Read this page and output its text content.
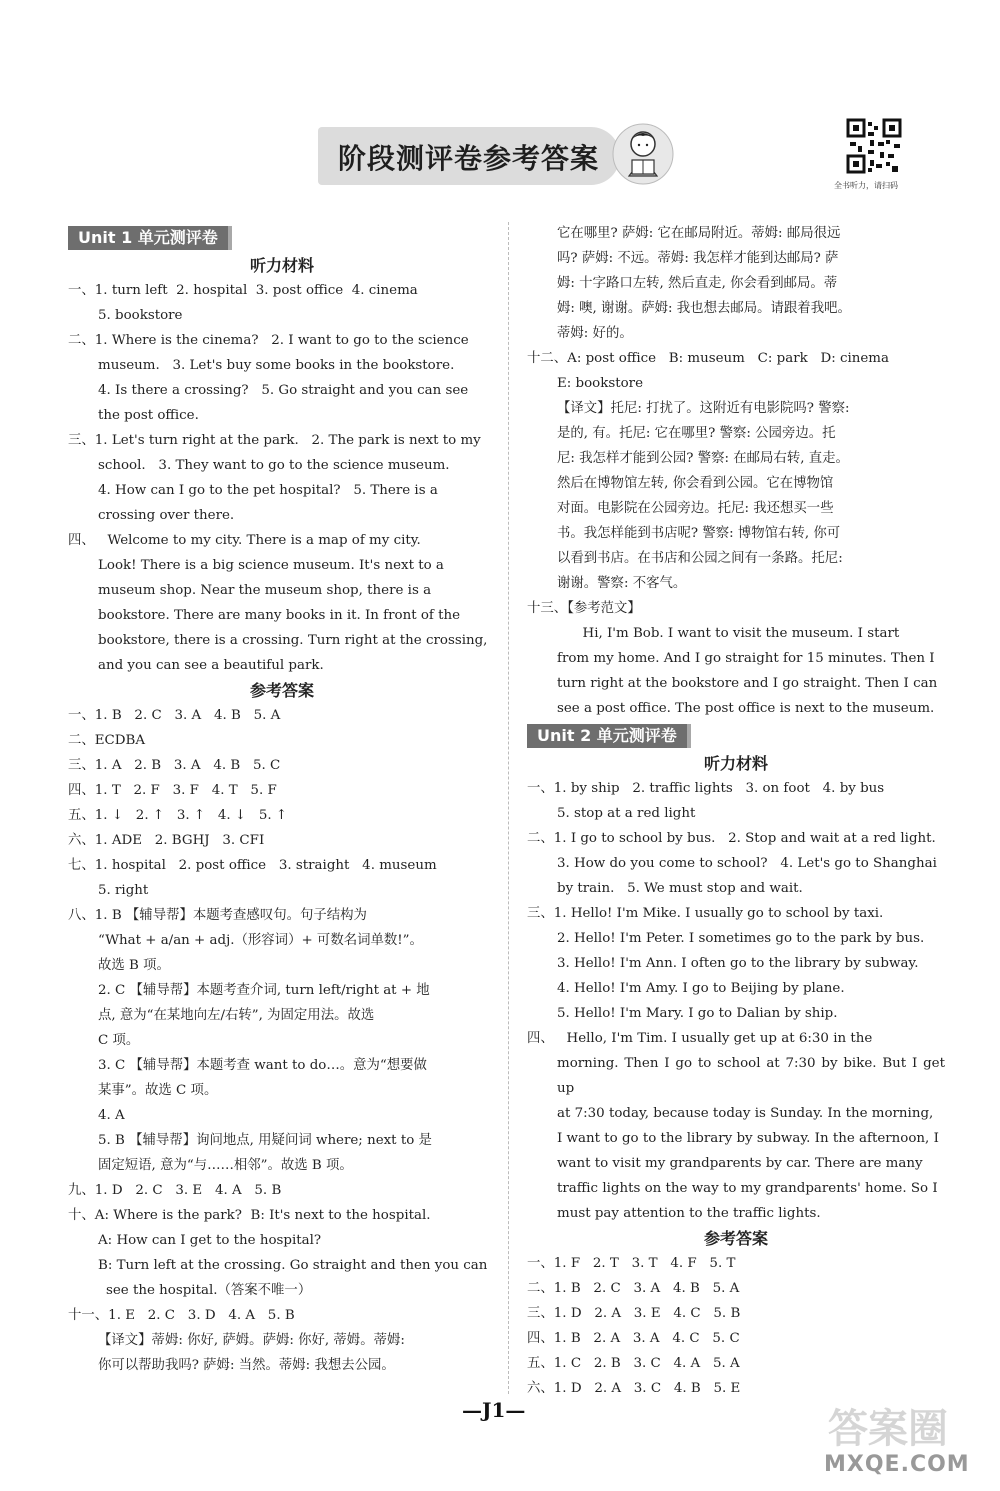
阶段测评卷参考答案
全书听力，请扫码
Unit 1 单元测评卷
听力材料

一、1. turn left  2. hospital  3. post office  4. cinema

5. bookstore

二、1. Where is the cinema?   2. I want to go to the science

museum.   3. Let's buy some books in the bookstore.

4. Is there a crossing?   5. Go straight and you can see

the post office.

三、1. Let's turn right at the park.   2. The park is next to my

school.   3. They want to go to the science museum.

4. How can I go to the pet hospital?   5. There is a

crossing over there.

四、   Welcome to my city. There is a map of my city.

Look! There is a big science museum. It's next to a

museum shop. Near the museum shop, there is a

bookstore. There are many books in it. In front of the

bookstore, there is a crossing. Turn right at the crossing,

and you can see a beautiful park.

参考答案

一、1. B   2. C   3. A   4. B   5. A

二、ECDBA

三、1. A   2. B   3. A   4. B   5. C

四、1. T   2. F   3. F   4. T   5. F

五、1. ↓   2. ↑   3. ↑   4. ↓   5. ↑

六、1. ADE   2. BGHJ   3. CFI

七、1. hospital   2. post office   3. straight   4. museum

5. right

八、1. B 【辅导帮】本题考查感叹句。句子结构为

“What + a/an + adj.（形容词）+ 可数名词单数!”。

故选 B 项。

2. C 【辅导帮】本题考查介词, turn left/right at + 地

点, 意为“在某地向左/右转”, 为固定用法。故选

C 项。

3. C 【辅导帮】本题考查 want to do…。意为“想要做

某事”。故选 C 项。

4. A

5. B 【辅导帮】询问地点, 用疑问词 where; next to 是

固定短语, 意为“与……相邻”。故选 B 项。

九、1. D   2. C   3. E   4. A   5. B

十、A: Where is the park?  B: It's next to the hospital.

A: How can I get to the hospital?

B: Turn left at the crossing. Go straight and then you can

see the hospital.（答案不唯一）

十一、1. E   2. C   3. D   4. A   5. B

【译文】蒂姆: 你好, 萨姆。萨姆: 你好, 蒂姆。蒂姆:

你可以帮助我吗? 萨姆: 当然。蒂姆: 我想去公园。

它在哪里? 萨姆: 它在邮局附近。蒂姆: 邮局很远

吗? 萨姆: 不远。蒂姆: 我怎样才能到达邮局? 萨

姆: 十字路口左转, 然后直走, 你会看到邮局。蒂

姆: 噢, 谢谢。萨姆: 我也想去邮局。请跟着我吧。

蒂姆: 好的。

十二、A: post office   B: museum   C: park   D: cinema

E: bookstore

【译文】托尼: 打扰了。这附近有电影院吗? 警察:

是的, 有。托尼: 它在哪里? 警察: 公园旁边。托

尼: 我怎样才能到公园? 警察: 在邮局右转, 直走。

然后在博物馆左转, 你会看到公园。它在博物馆

对面。电影院在公园旁边。托尼: 我还想买一些

书。我怎样能到书店呢? 警察: 博物馆右转, 你可

以看到书店。在书店和公园之间有一条路。托尼:

谢谢。警察: 不客气。

十三、【参考范文】

Hi, I'm Bob. I want to visit the museum. I start

from my home. And I go straight for 15 minutes. Then I

turn right at the bookstore and I go straight. Then I can

see a post office. The post office is next to the museum.

Unit 2 单元测评卷
听力材料

一、1. by ship   2. traffic lights   3. on foot   4. by bus

5. stop at a red light

二、1. I go to school by bus.   2. Stop and wait at a red light.

3. How do you come to school?   4. Let's go to Shanghai

by train.   5. We must stop and wait.

三、1. Hello! I'm Mike. I usually go to school by taxi.

2. Hello! I'm Peter. I sometimes go to the park by bus.

3. Hello! I'm Ann. I often go to the library by subway.

4. Hello! I'm Amy. I go to Beijing by plane.

5. Hello! I'm Mary. I go to Dalian by ship.

四、   Hello, I'm Tim. I usually get up at 6:30 in the

morning. Then I go to school at 7:30 by bike. But I get up

at 7:30 today, because today is Sunday. In the morning,

I want to go to the library by subway. In the afternoon, I

want to visit my grandparents by car. There are many

traffic lights on the way to my grandparents' home. So I

must pay attention to the traffic lights.

参考答案

一、1. F   2. T   3. T   4. F   5. T

二、1. B   2. C   3. A   4. B   5. A

三、1. D   2. A   3. E   4. C   5. B

四、1. B   2. A   3. A   4. C   5. C

五、1. C   2. B   3. C   4. A   5. A

六、1. D   2. A   3. C   4. B   5. E

—J1—	答案圈
MXQE.COM
